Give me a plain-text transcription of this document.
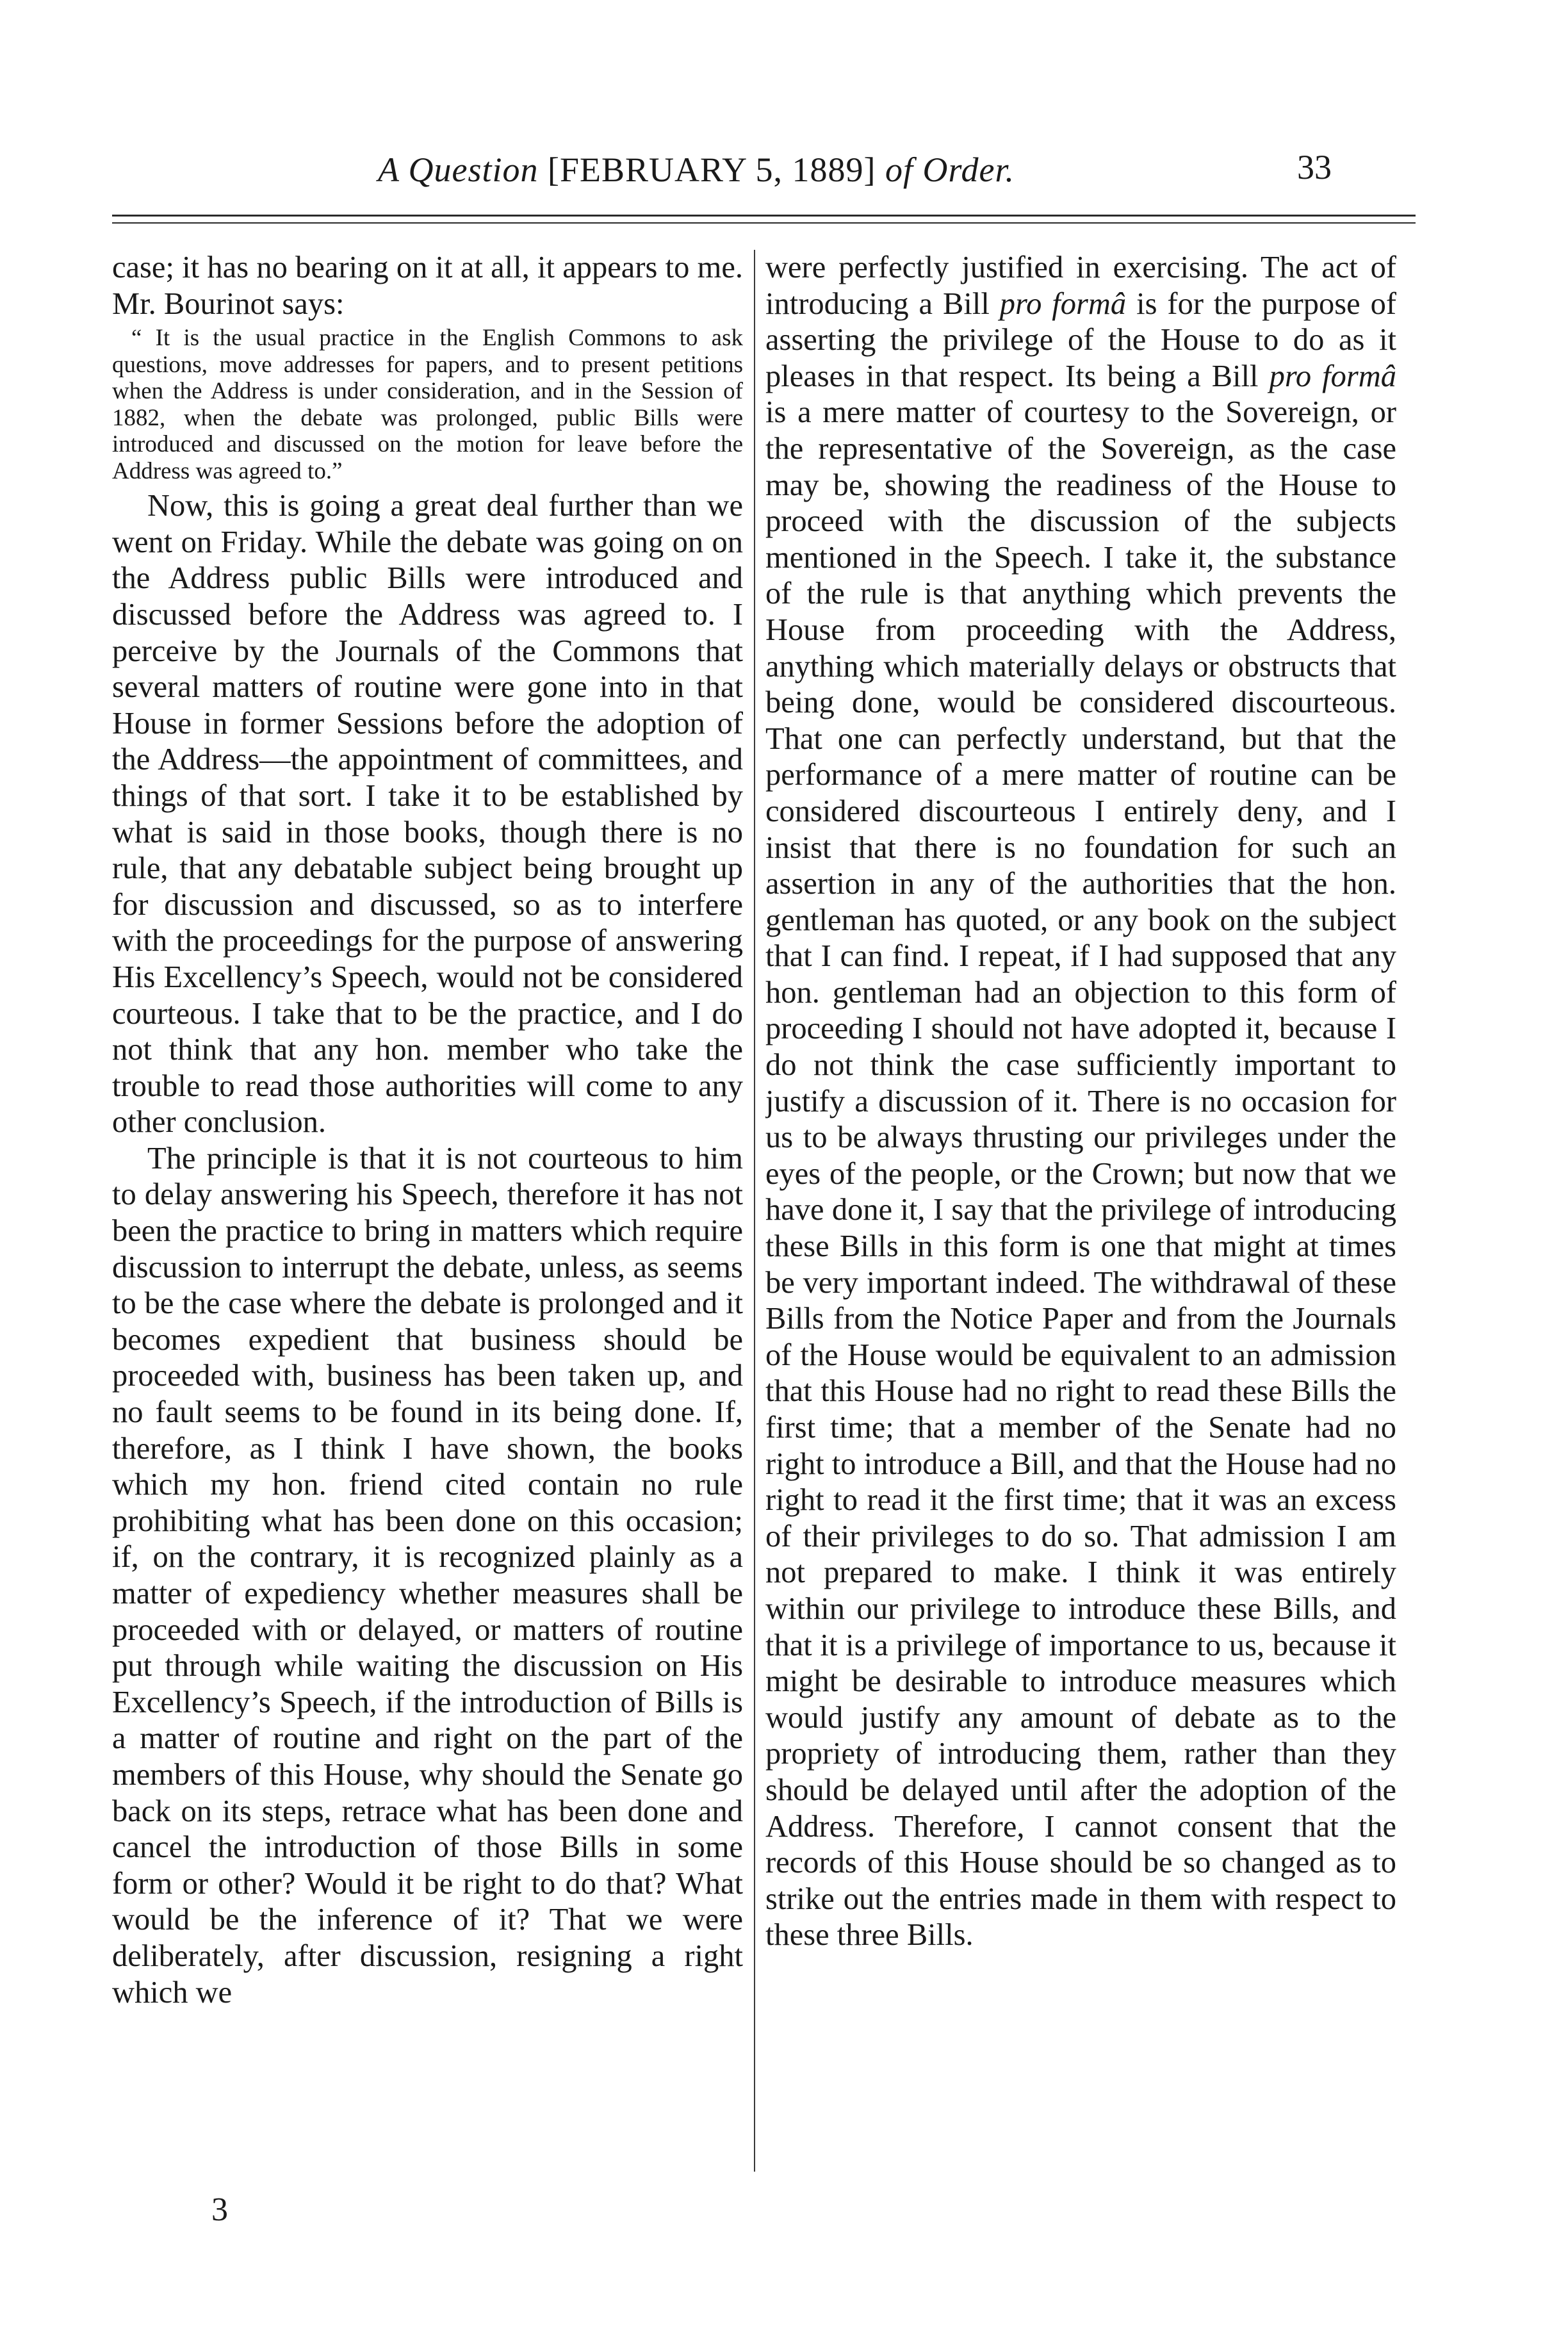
A Question [FEBRUARY 5, 1889] of Order.	33

case; it has no bearing on it at all, it appears to me. Mr. Bourinot says:

“ It is the usual practice in the English Commons to ask questions, move addresses for papers, and to present petitions when the Address is under consideration, and in the Session of 1882, when the debate was prolonged, public Bills were introduced and discussed on the motion for leave before the Address was agreed to.”

Now, this is going a great deal further than we went on Friday. While the debate was going on on the Address public Bills were introduced and discussed before the Address was agreed to. I perceive by the Journals of the Commons that several matters of routine were gone into in that House in former Sessions before the adoption of the Address—the appointment of committees, and things of that sort. I take it to be established by what is said in those books, though there is no rule, that any debatable subject being brought up for discussion and discussed, so as to interfere with the proceedings for the purpose of answering His Excellency’s Speech, would not be considered courteous. I take that to be the practice, and I do not think that any hon. member who take the trouble to read those authorities will come to any other conclusion.

The principle is that it is not courteous to him to delay answering his Speech, therefore it has not been the practice to bring in matters which require discussion to interrupt the debate, unless, as seems to be the case where the debate is prolonged and it becomes expedient that business should be proceeded with, business has been taken up, and no fault seems to be found in its being done. If, therefore, as I think I have shown, the books which my hon. friend cited contain no rule prohibiting what has been done on this occasion; if, on the contrary, it is recognized plainly as a matter of expediency whether measures shall be proceeded with or delayed, or matters of routine put through while waiting the discussion on His Excellency’s Speech, if the introduction of Bills is a matter of routine and right on the part of the members of this House, why should the Senate go back on its steps, retrace what has been done and cancel the introduction of those Bills in some form or other? Would it be right to do that? What would be the inference of it? That we were deliberately, after discussion, resigning a right which we

were perfectly justified in exercising. The act of introducing a Bill pro formâ is for the purpose of asserting the privilege of the House to do as it pleases in that respect. Its being a Bill pro formâ is a mere matter of courtesy to the Sovereign, or the representative of the Sovereign, as the case may be, showing the readiness of the House to proceed with the discussion of the subjects mentioned in the Speech. I take it, the substance of the rule is that anything which prevents the House from proceeding with the Address, anything which materially delays or obstructs that being done, would be considered discourteous. That one can perfectly understand, but that the performance of a mere matter of routine can be considered discourteous I entirely deny, and I insist that there is no foundation for such an assertion in any of the authorities that the hon. gentleman has quoted, or any book on the subject that I can find. I repeat, if I had supposed that any hon. gentleman had an objection to this form of proceeding I should not have adopted it, because I do not think the case sufficiently important to justify a discussion of it. There is no occasion for us to be always thrusting our privileges under the eyes of the people, or the Crown; but now that we have done it, I say that the privilege of introducing these Bills in this form is one that might at times be very important indeed. The withdrawal of these Bills from the Notice Paper and from the Journals of the House would be equivalent to an admission that this House had no right to read these Bills the first time; that a member of the Senate had no right to introduce a Bill, and that the House had no right to read it the first time; that it was an excess of their privileges to do so. That admission I am not prepared to make. I think it was entirely within our privilege to introduce these Bills, and that it is a privilege of importance to us, because it might be desirable to introduce measures which would justify any amount of debate as to the propriety of introducing them, rather than they should be delayed until after the adoption of the Address. Therefore, I cannot consent that the records of this House should be so changed as to strike out the entries made in them with respect to these three Bills.

3
